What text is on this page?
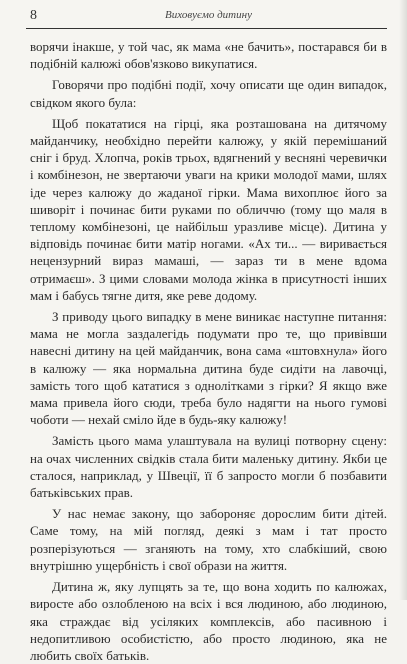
8	Виховуємо дитину

ворячи інакше, у той час, як мама «не бачить», постарався би в подібній калюжі обов'язково викупатися.

Говорячи про подібні події, хочу описати ще один випадок, свідком якого була:

Щоб покататися на гірці, яка розташована на дитячому майданчику, необхідно перейти калюжу, у якій перемішаний сніг і бруд. Хлопча, років трьох, вдягнений у весняні черевички і комбінезон, не звертаючи уваги на крики молодої мами, шлях іде через калюжу до жаданої гірки. Мама вихоплює його за шиворіт і починає бити руками по обличчю (тому що маля в теплому комбінезоні, це найбільш уразливе місце). Дитина у відповідь починає бити матір ногами. «Ах ти... — виривається нецензурний вираз мамаші, — зараз ти в мене вдома отримаєш». З цими словами молода жінка в присутності інших мам і бабусь тягне дитя, яке реве додому.

З приводу цього випадку в мене виникає наступне питання: мама не могла заздалегідь подумати про те, що привівши навесні дитину на цей майданчик, вона сама «штовхнула» його в калюжу — яка нормальна дитина буде сидіти на лавочці, замість того щоб кататися з однолітками з гірки? Я якщо вже мама привела його сюди, треба було надягти на нього гумові чоботи — нехай сміло йде в будь-яку калюжу!

Замість цього мама улаштувала на вулиці потворну сцену: на очах численних свідків стала бити маленьку дитину. Якби це сталося, наприклад, у Швеції, її б запросто могли б позбавити батьківських прав.

У нас немає закону, що забороняє дорослим бити дітей. Саме тому, на мій погляд, деякі з мам і тат просто розперізуються — зганяють на тому, хто слабкіший, свою внутрішню ущербність і свої образи на життя.

Дитина ж, яку лупцять за те, що вона ходить по калюжах, виросте або озлобленою на всіх і вся людиною, або людиною, яка страждає від усіляких комплексів, або пасивною і недопитливою особистістю, або просто людиною, яка не любить своїх батьків.
